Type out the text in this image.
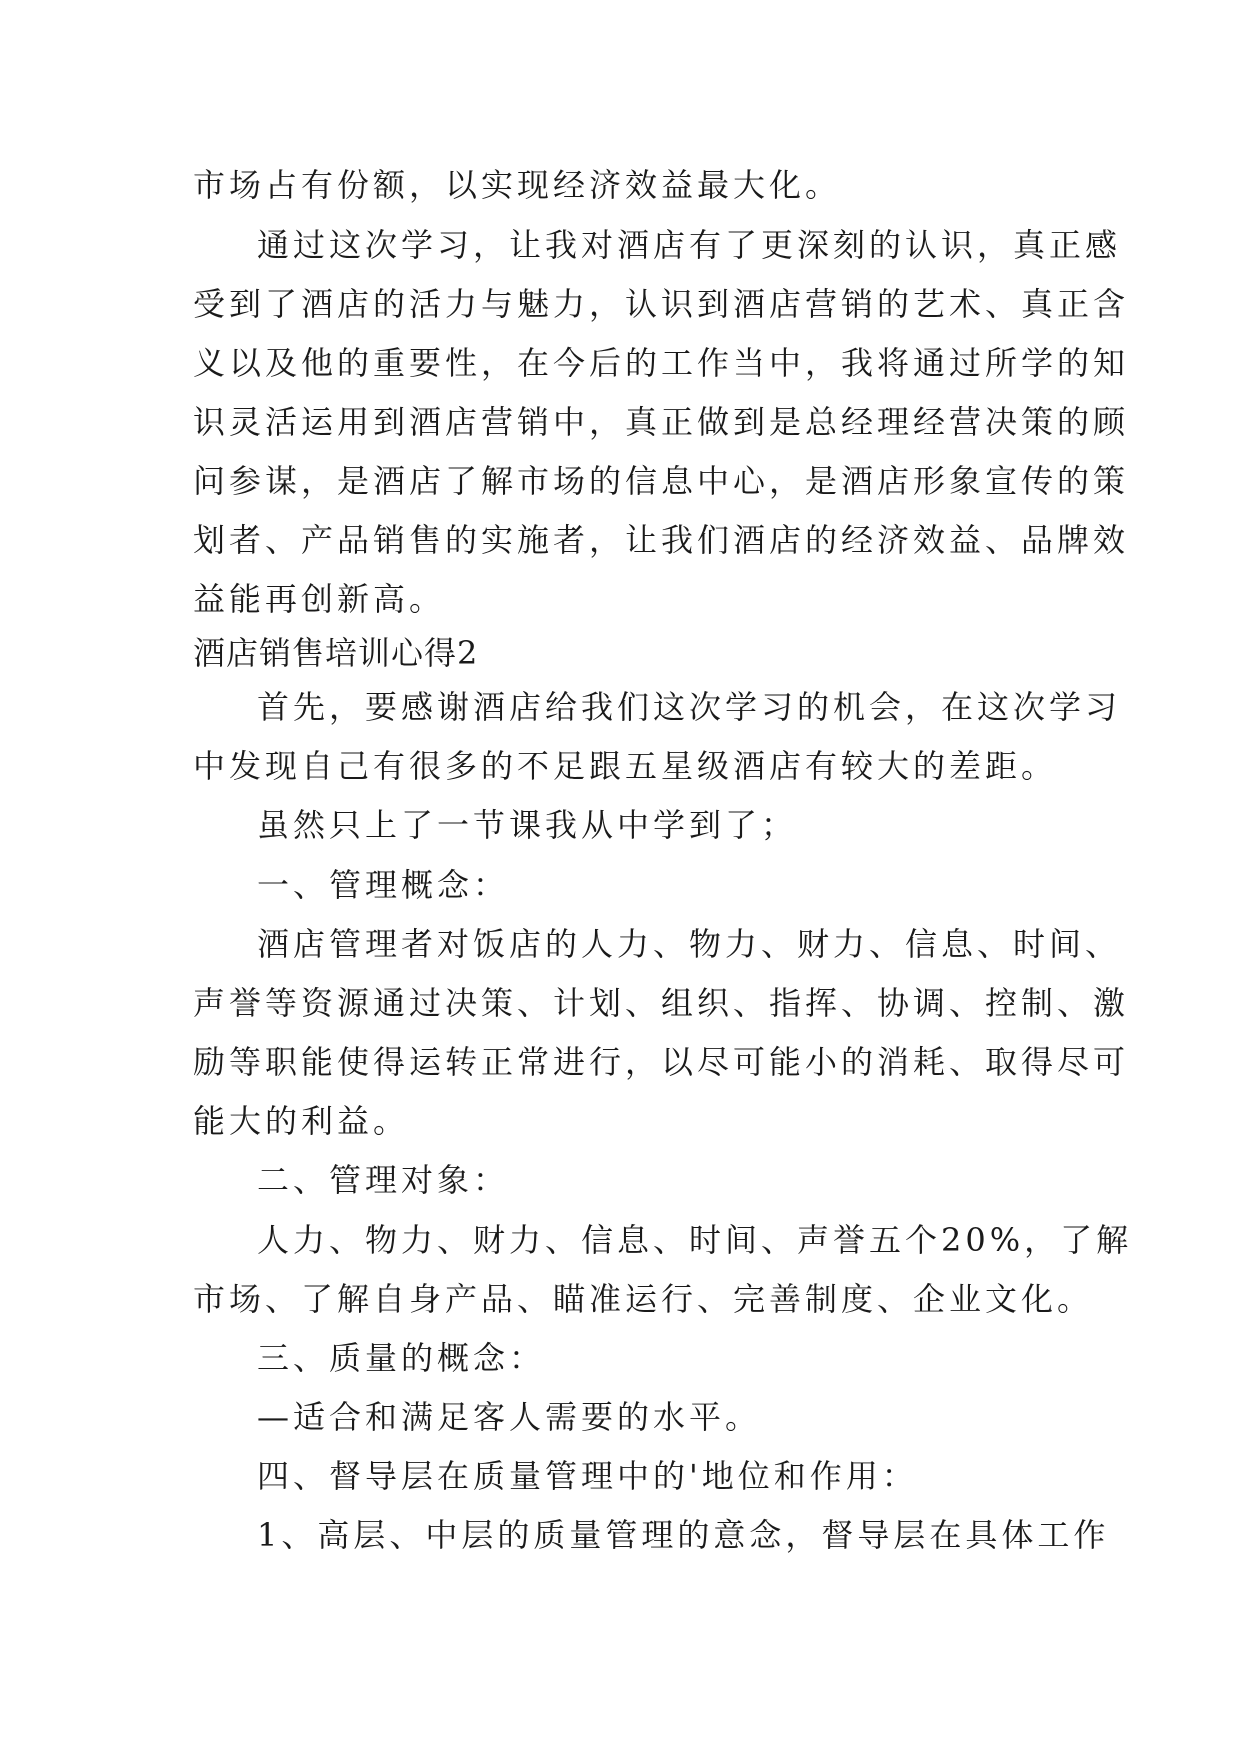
市场占有份额，以实现经济效益最大化。
通过这次学习，让我对酒店有了更深刻的认识，真正感
受到了酒店的活力与魅力，认识到酒店营销的艺术、真正含
义以及他的重要性，在今后的工作当中，我将通过所学的知
识灵活运用到酒店营销中，真正做到是总经理经营决策的顾
问参谋，是酒店了解市场的信息中心，是酒店形象宣传的策
划者、产品销售的实施者，让我们酒店的经济效益、品牌效
益能再创新高。
酒店销售培训心得2
首先，要感谢酒店给我们这次学习的机会，在这次学习
中发现自己有很多的不足跟五星级酒店有较大的差距。
虽然只上了一节课我从中学到了；
一、管理概念：
酒店管理者对饭店的人力、物力、财力、信息、时间、
声誉等资源通过决策、计划、组织、指挥、协调、控制、激
励等职能使得运转正常进行，以尽可能小的消耗、取得尽可
能大的利益。
二、管理对象：
人力、物力、财力、信息、时间、声誉五个20%，了解
市场、了解自身产品、瞄准运行、完善制度、企业文化。
三、质量的概念：
—适合和满足客人需要的水平。
四、督导层在质量管理中的'地位和作用：
1、高层、中层的质量管理的意念，督导层在具体工作
